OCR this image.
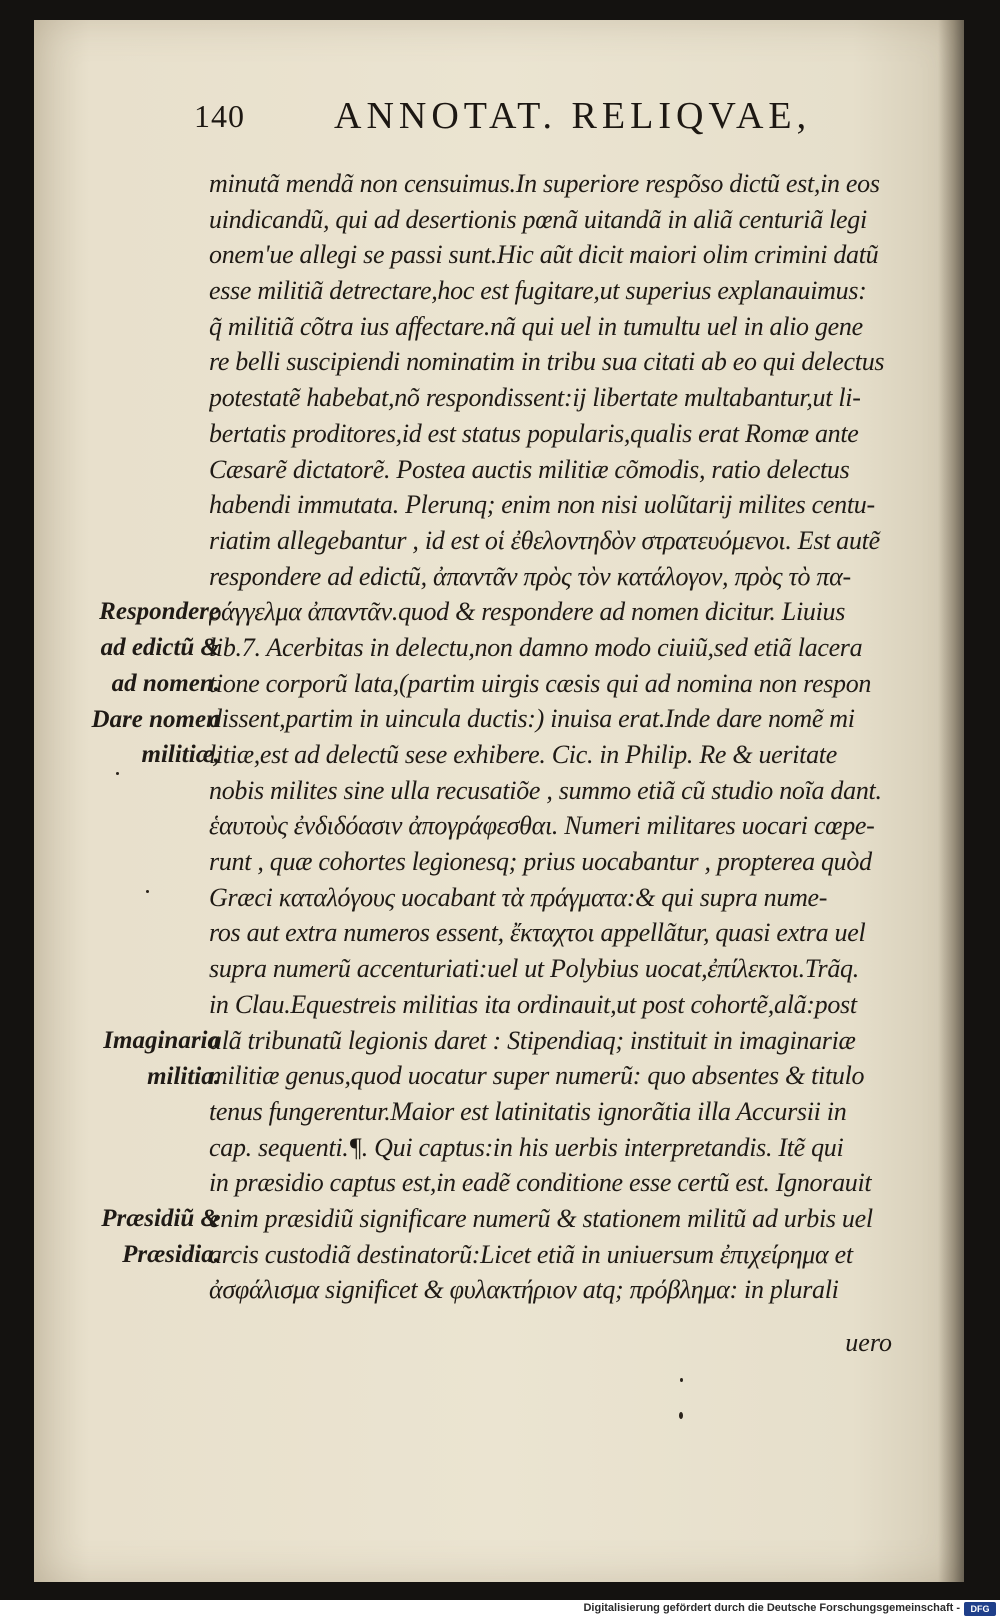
140 ANNOTAT. RELIQVAE,
Respondere
ad edictũ &
ad nomen.
Dare nomen
militiæ,
Imaginaria
militia.
Præsidiũ &
Præsidia.
minutã mendã non censuimus.In superiore respõso dictũ est,in eos
uindicandũ, qui ad desertionis pœnã uitandã in aliã centuriã legi
onem'ue allegi se passi sunt.Hic aũt dicit maiori olim crimini datũ
esse militiã detrectare,hoc est fugitare,ut superius explanauimus:
q̃ militiã cõtra ius affectare.nã qui uel in tumultu uel in alio gene
re belli suscipiendi nominatim in tribu sua citati ab eo qui delectus
potestatẽ habebat,nõ respondissent:ij libertate multabantur,ut li-
bertatis proditores,id est status popularis,qualis erat Romæ ante
Cæsarẽ dictatorẽ. Postea auctis militiæ cõmodis, ratio delectus
habendi immutata. Plerunq; enim non nisi uolũtarij milites centu-
riatim allegebantur , id est οἱ ἐθελοντηδὸν στρατευόμενοι. Est autẽ
respondere ad edictũ, ἀπαντᾶν πρὸς τὸν κατάλογον, πρὸς τὸ πα-
ράγγελμα ἀπαντᾶν.quod & respondere ad nomen dicitur. Liuius
lib.7. Acerbitas in delectu,non damno modo ciuiũ,sed etiã lacera
tione corporũ lata,(partim uirgis cæsis qui ad nomina non respon
dissent,partim in uincula ductis:) inuisa erat.Inde dare nomẽ mi
litiæ,est ad delectũ sese exhibere. Cic. in Philip. Re & ueritate
nobis milites sine ulla recusatiõe , summo etiã cũ studio noĩa dant.
ἑαυτοὺς ἐνδιδόασιν ἀπογράφεσθαι. Numeri militares uocari cœpe-
runt , quæ cohortes legionesq; prius uocabantur , propterea quòd
Græci καταλόγους uocabant τὰ πράγματα:& qui supra nume-
ros aut extra numeros essent, ἔκταχτοι appellãtur, quasi extra uel
supra numerũ accenturiati:uel ut Polybius uocat,ἐπίλεκτοι.Trãq.
in Clau.Equestreis militias ita ordinauit,ut post cohortẽ,alã:post
alã tribunatũ legionis daret : Stipendiaq; instituit in imaginariæ
militiæ genus,quod uocatur super numerũ: quo absentes & titulo
tenus fungerentur.Maior est latinitatis ignorãtia illa Accursii in
cap. sequenti.¶. Qui captus:in his uerbis interpretandis. Itẽ qui
in præsidio captus est,in eadẽ conditione esse certũ est. Ignorauit
enim præsidiũ significare numerũ & stationem militũ ad urbis uel
arcis custodiã destinatorũ:Licet etiã in uniuersum ἐπιχείρημα et
ἀσφάλισμα significet & φυλακτήριον atq; πρόβλημα: in plurali
uero
Digitalisierung gefördert durch die Deutsche Forschungsgemeinschaft -	DFG
